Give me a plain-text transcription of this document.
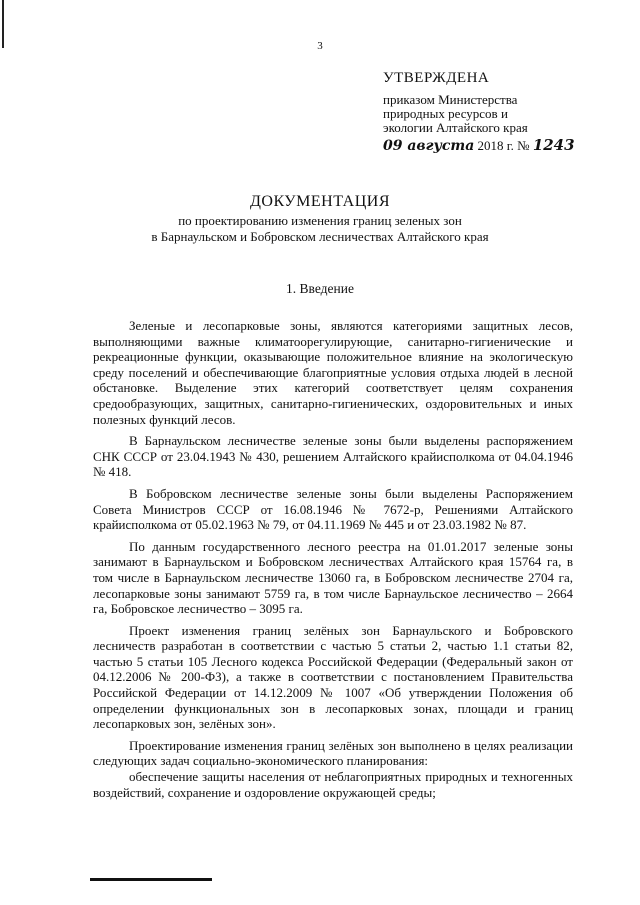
3
УТВЕРЖДЕНА
приказом Министерства
природных ресурсов и
экологии Алтайского края
09 августа 2018 г. № 1243
ДОКУМЕНТАЦИЯ
по проектированию изменения границ зеленых зон
в Барнаульском и Бобровском лесничествах Алтайского края
1. Введение

Зеленые и лесопарковые зоны, являются категориями защитных лесов, выполняющими важные климатоорегулирующие, санитарно-гигиенические и рекреационные функции, оказывающие положительное влияние на экологическую среду поселений и обеспечивающие благоприятные условия отдыха людей в лесной обстановке. Выделение этих категорий соответствует целям сохранения средообразующих, защитных, санитарно-гигиенических, оздоровительных и иных полезных функций лесов.

В Барнаульском лесничестве зеленые зоны были выделены распоряжением СНК СССР от 23.04.1943 № 430, решением Алтайского крайисполкома от 04.04.1946 № 418.

В Бобровском лесничестве зеленые зоны были выделены Распоряжением Совета Министров СССР от 16.08.1946 № 7672-р, Решениями Алтайского крайисполкома от 05.02.1963 № 79, от 04.11.1969 № 445 и от 23.03.1982 № 87.

По данным государственного лесного реестра на 01.01.2017 зеленые зоны занимают в Барнаульском и Бобровском лесничествах Алтайского края 15764 га, в том числе в Барнаульском лесничестве 13060 га, в Бобровском лесничестве 2704 га, лесопарковые зоны занимают 5759 га, в том числе Барнаульское лесничество – 2664 га, Бобровское лесничество – 3095 га.

Проект изменения границ зелёных зон Барнаульского и Бобровского лесничеств разработан в соответствии с частью 5 статьи 2, частью 1.1 статьи 82, частью 5 статьи 105 Лесного кодекса Российской Федерации (Федеральный закон от 04.12.2006 № 200-ФЗ), а также в соответствии с постановлением Правительства Российской Федерации от 14.12.2009 № 1007 «Об утверждении Положения об определении функциональных зон в лесопарковых зонах, площади и границ лесопарковых зон, зелёных зон».

Проектирование изменения границ зелёных зон выполнено в целях реализации следующих задач социально-экономического планирования:

обеспечение защиты населения от неблагоприятных природных и техногенных воздействий, сохранение и оздоровление окружающей среды;
